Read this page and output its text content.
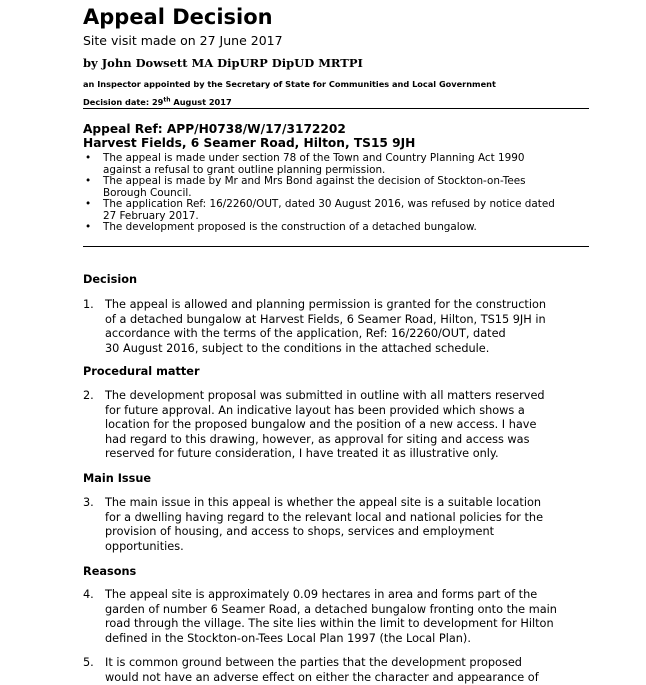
Appeal Decision
Site visit made on 27 June 2017
by John Dowsett MA DipURP DipUD MRTPI
an Inspector appointed by the Secretary of State for Communities and Local Government
Decision date: 29th August 2017
Appeal Ref: APP/H0738/W/17/3172202
Harvest Fields, 6 Seamer Road, Hilton, TS15 9JH
• The appeal is made under section 78 of the Town and Country Planning Act 1990
against a refusal to grant outline planning permission.
• The appeal is made by Mr and Mrs Bond against the decision of Stockton-on-Tees
Borough Council.
• The application Ref: 16/2260/OUT, dated 30 August 2016, was refused by notice dated
27 February 2017.
• The development proposed is the construction of a detached bungalow.
Decision
1. The appeal is allowed and planning permission is granted for the construction
of a detached bungalow at Harvest Fields, 6 Seamer Road, Hilton, TS15 9JH in
accordance with the terms of the application, Ref: 16/2260/OUT, dated
30 August 2016, subject to the conditions in the attached schedule.
Procedural matter
2. The development proposal was submitted in outline with all matters reserved
for future approval. An indicative layout has been provided which shows a
location for the proposed bungalow and the position of a new access. I have
had regard to this drawing, however, as approval for siting and access was
reserved for future consideration, I have treated it as illustrative only.
Main Issue
3. The main issue in this appeal is whether the appeal site is a suitable location
for a dwelling having regard to the relevant local and national policies for the
provision of housing, and access to shops, services and employment
opportunities.
Reasons
4. The appeal site is approximately 0.09 hectares in area and forms part of the
garden of number 6 Seamer Road, a detached bungalow fronting onto the main
road through the village. The site lies within the limit to development for Hilton
defined in the Stockton-on-Tees Local Plan 1997 (the Local Plan).
5. It is common ground between the parties that the development proposed
would not have an adverse effect on either the character and appearance of
